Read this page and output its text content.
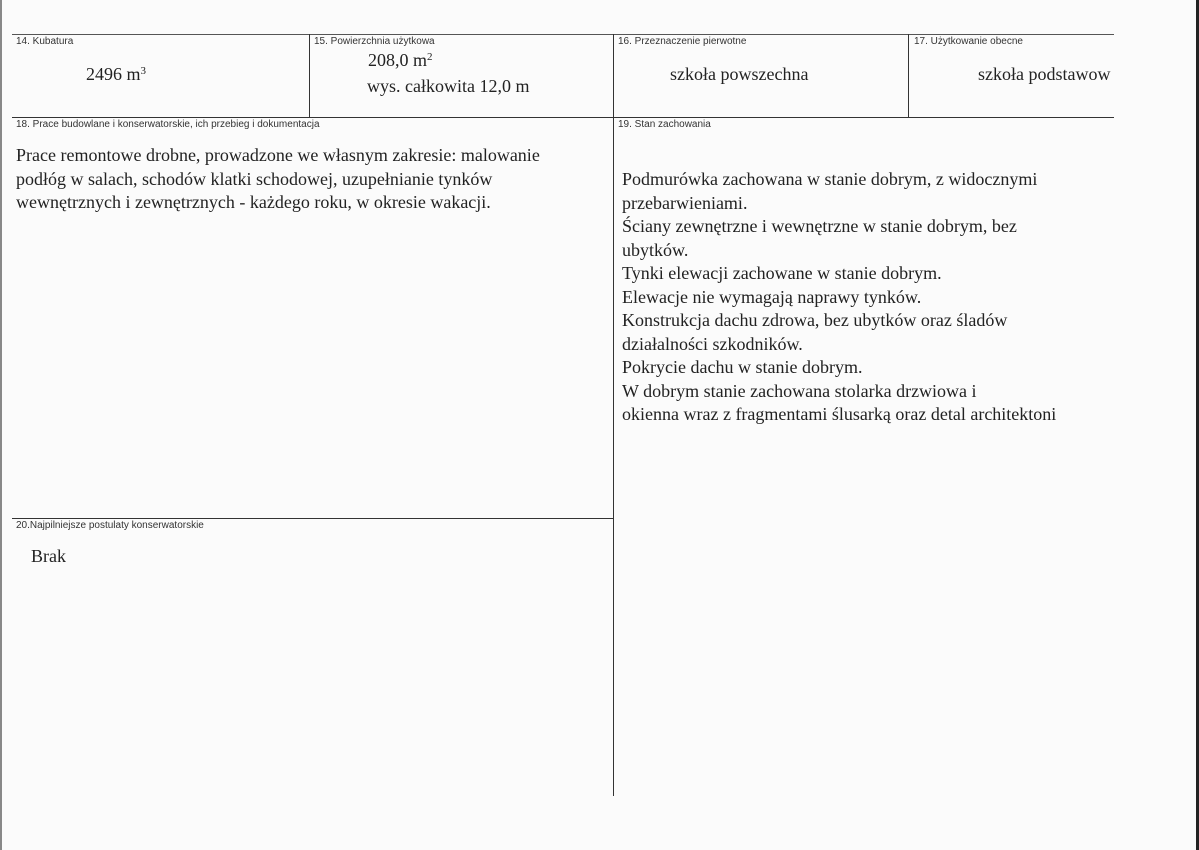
14. Kubatura
2496 $m^3$
15. Powierzchnia użytkowa
208,0 $m^2$
wys. całkowita 12,0 m
16. Przeznaczenie pierwotne
szkoła powszechna
17. Użytkowanie obecne
szkoła podstawow
18. Prace budowlane i konserwatorskie, ich przebieg i dokumentacja
Prace remontowe drobne, prowadzone we własnym zakresie: malowanie
podłóg w salach, schodów klatki schodowej, uzupełnianie tynków
wewnętrznych i zewnętrznych - każdego roku, w okresie wakacji.
19. Stan zachowania
Podmurówka zachowana w stanie dobrym, z widocznymi
przebarwieniami.
Ściany zewnętrzne i wewnętrzne w stanie dobrym, bez
ubytków.
Tynki elewacji zachowane w stanie dobrym.
Elewacje nie wymagają naprawy tynków.
Konstrukcja dachu zdrowa, bez ubytków oraz śladów
działalności szkodników.
Pokrycie dachu w stanie dobrym.
W dobrym stanie zachowana stolarka drzwiowa i
okienna wraz z fragmentami ślusarką oraz detal architektoni
20.Najpilniejsze postulaty konserwatorskie
Brak
